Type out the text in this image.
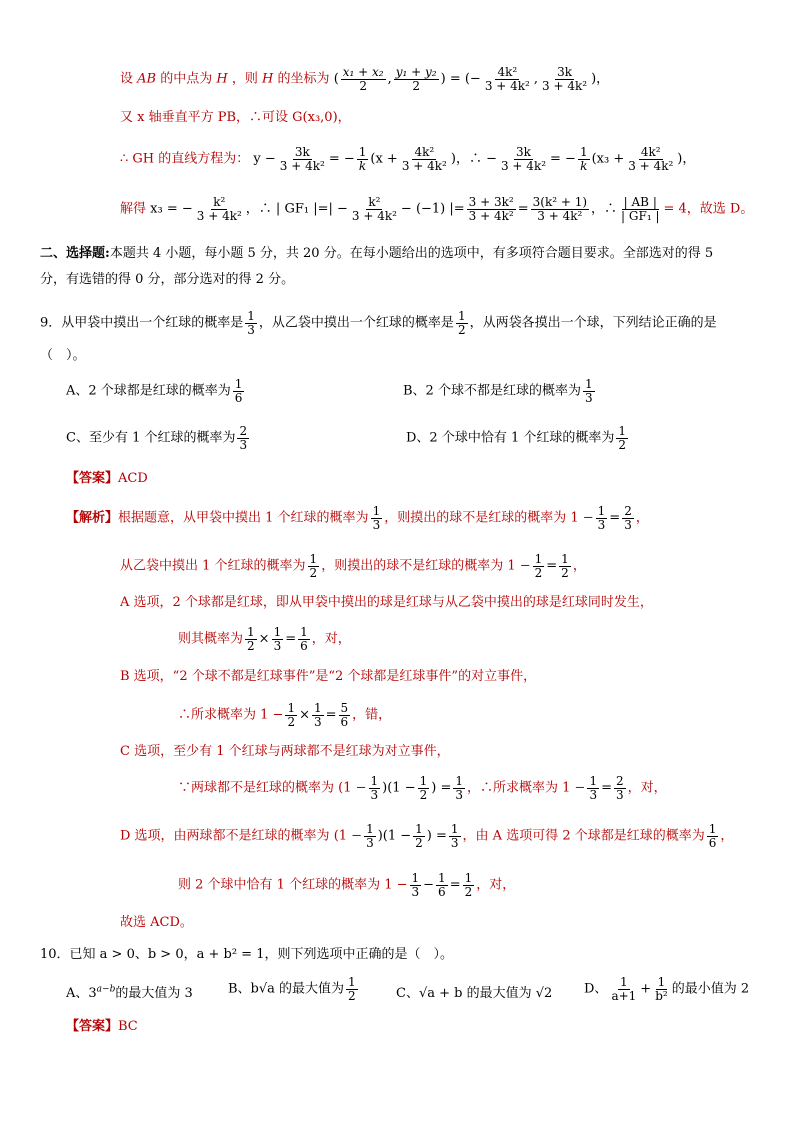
设 AB 的中点为 H ，则 H 的坐标为 ( $\frac{\text{x₁ + x₂}}{2}$ , $\frac{\text{y₁ + y₂}}{2}$ ) = (− $\frac{\text{4k²}}{\text{3 + 4k²}}$ , $\frac{3k}{\text{3 + 4k²}}$ )，
又 x 轴垂直平方 PB，∴可设 G(x₃,0)，
∴ GH 的直线方程为： $y - \frac{3k}{\text{3 + 4k²}}$ = − $\frac{1}{k} (x + \frac{\text{4k²}}{\text{3 + 4k²}}$ )，∴ − $\frac{3k}{\text{3 + 4k²}}$ = − $\frac{1}{k} (x_3 + \frac{\text{4k²}}{\text{3 + 4k²}}$ )，
解得 x₃ = − $\frac{\text{k²}}{\text{3 + 4k²}}$ ，∴ | GF₁ |=| − $\frac{\text{k²}}{\text{3 + 4k²}} - (-1)$ |= $\frac{\text{3 + 3k²}}{\text{3 + 4k²}} = \frac{\text{3(k² + 1)}}{\text{3 + 4k²}}$ ，∴ $\frac{| AB |}{\text{| GF₁ |}} = 4$，故选 D。
二、选择题:本题共 4 小题，每小题 5 分，共 20 分。在每小题给出的选项中，有多项符合题目要求。全部选对的得 5
分，有选错的得 0 分，部分选对的得 2 分。
9．从甲袋中摸出一个红球的概率是 $\frac{1}{3}$ ，从乙袋中摸出一个红球的概率是 $\frac{1}{2}$ ，从两袋各摸出一个球，下列结论正确的是
（　）。
A、2 个球都是红球的概率为 $\frac{1}{6}$	B、2 个球不都是红球的概率为 $\frac{1}{3}$
C、至少有 1 个红球的概率为 $\frac{2}{3}$	D、2 个球中恰有 1 个红球的概率为 $\frac{1}{2}$
【答案】ACD
【解析】根据题意，从甲袋中摸出 1 个红球的概率为 $\frac{1}{3}$ ，则摸出的球不是红球的概率为 $1 - \frac{1}{3} = \frac{2}{3}$ ，
从乙袋中摸出 1 个红球的概率为 $\frac{1}{2}$ ，则摸出的球不是红球的概率为 $1 - \frac{1}{2} = \frac{1}{2}$ ，
A 选项，2 个球都是红球，即从甲袋中摸出的球是红球与从乙袋中摸出的球是红球同时发生，
则其概率为 $\frac{1}{2} \times \frac{1}{3} = \frac{1}{6}$ ，对，
B 选项，“2 个球不都是红球事件”是“2 个球都是红球事件”的对立事件，
∴所求概率为 $1 - \frac{1}{2} \times \frac{1}{3} = \frac{5}{6}$ ，错，
C 选项，至少有 1 个红球与两球都不是红球为对立事件，
∵两球都不是红球的概率为 $(1 - \frac{1}{3} )(1 - \frac{1}{2}$ ) = $\frac{1}{3}$ ，∴所求概率为 $1 - \frac{1}{3} = \frac{2}{3}$ ，对，
D 选项，由两球都不是红球的概率为 $(1 - \frac{1}{3} )(1 - \frac{1}{2}$ ) = $\frac{1}{3}$ ，由 A 选项可得 2 个球都是红球的概率为 $\frac{1}{6}$ ，
则 2 个球中恰有 1 个红球的概率为 $1 - \frac{1}{3} - \frac{1}{6} = \frac{1}{2}$ ，对，
故选 ACD。
10．已知 a > 0、b > 0，a + b² = 1，则下列选项中正确的是（　）。
A、$3^{a-b}$的最大值为 3	B、b√a 的最大值为 $\frac{1}{2}$	C、√a + b 的最大值为 √2 D、 $\frac{1}{a+1} + \frac{1}{\text{b²}}$ 的最小值为 2
【答案】BC
